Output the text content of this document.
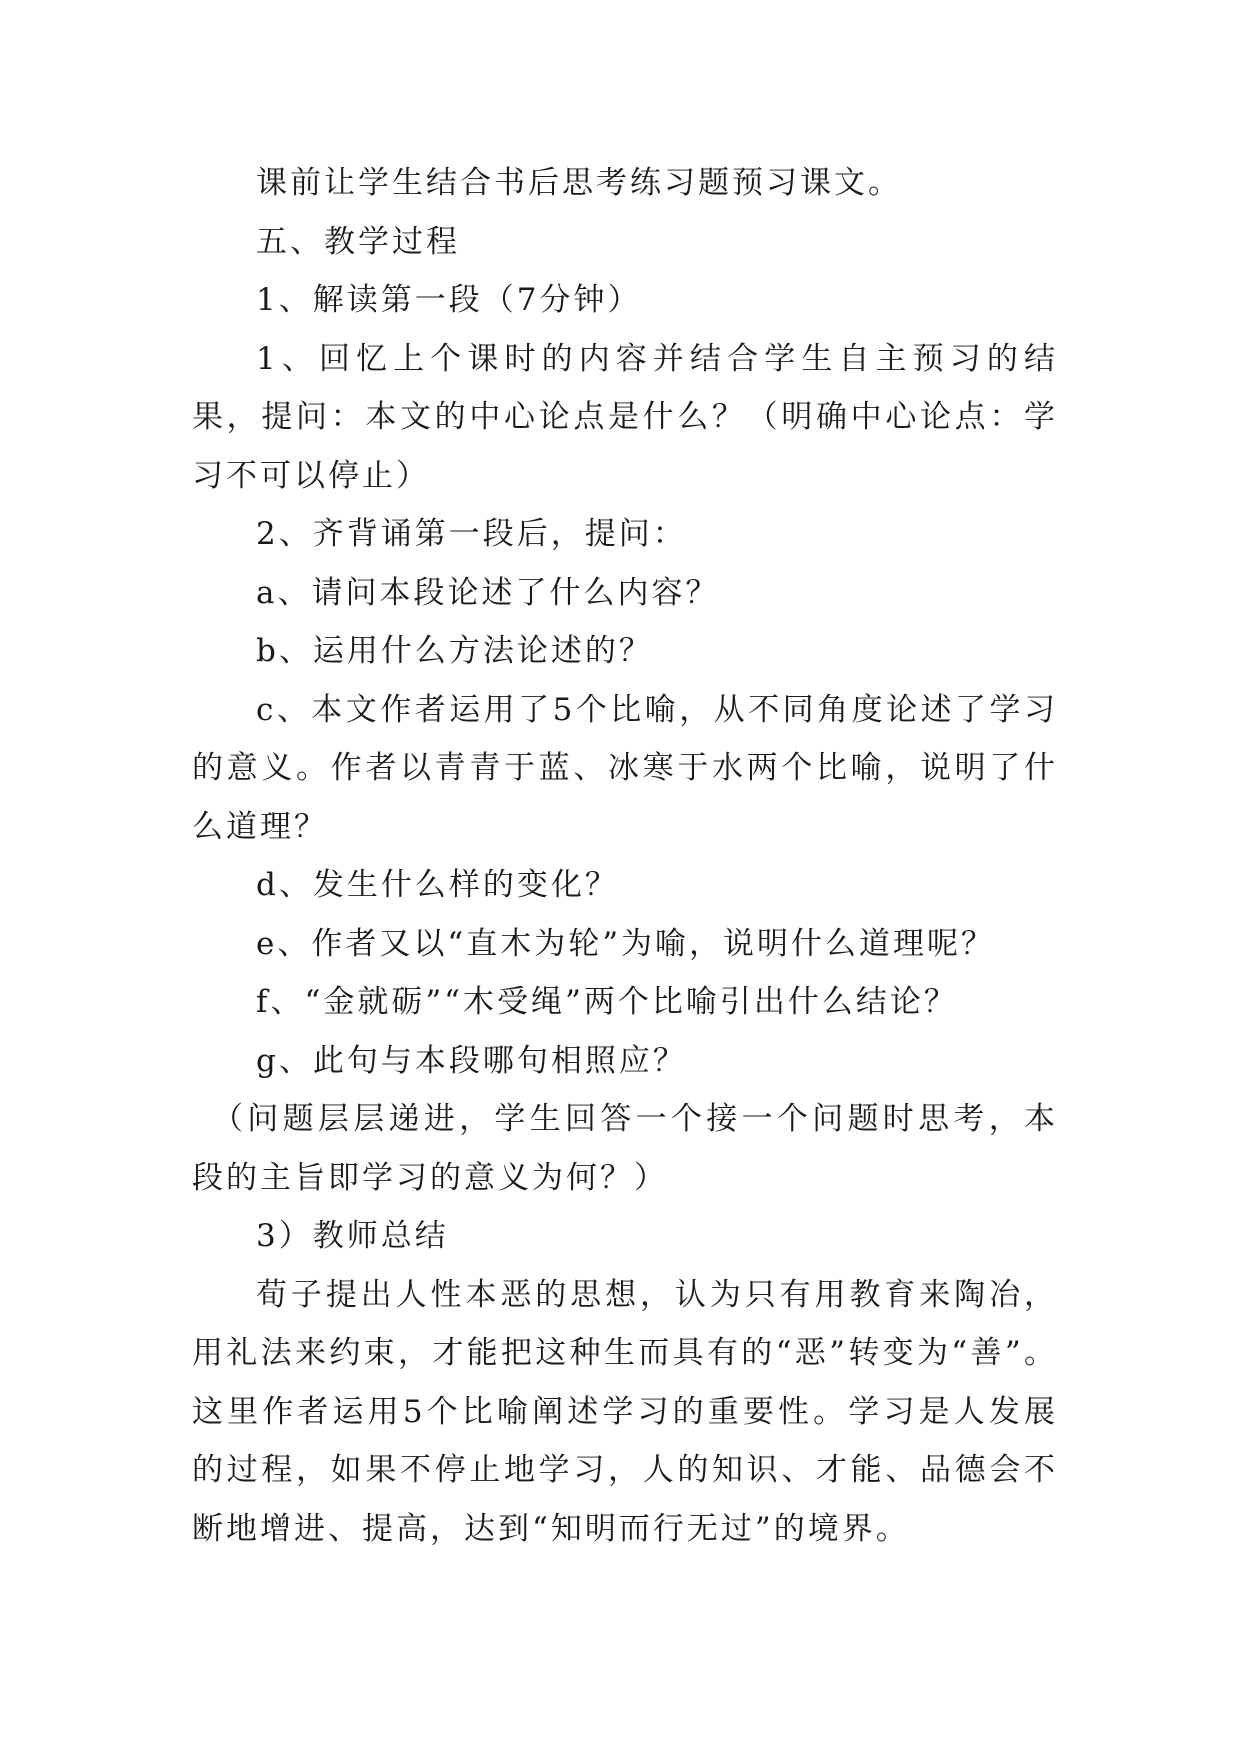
课前让学生结合书后思考练习题预习课文。

五、教学过程

1、解读第一段（7分钟）

1、回忆上个课时的内容并结合学生自主预习的结果，提问：本文的中心论点是什么？（明确中心论点：学习不可以停止）

2、齐背诵第一段后，提问：

a、请问本段论述了什么内容？

b、运用什么方法论述的？

c、本文作者运用了5个比喻，从不同角度论述了学习的意义。作者以青青于蓝、冰寒于水两个比喻，说明了什么道理？

d、发生什么样的变化？

e、作者又以“直木为轮”为喻，说明什么道理呢？

f、“金就砺”“木受绳”两个比喻引出什么结论？

g、此句与本段哪句相照应？

（问题层层递进，学生回答一个接一个问题时思考，本段的主旨即学习的意义为何？）

3）教师总结

荀子提出人性本恶的思想，认为只有用教育来陶冶，用礼法来约束，才能把这种生而具有的“恶”转变为“善”。这里作者运用5个比喻阐述学习的重要性。学习是人发展的过程，如果不停止地学习，人的知识、才能、品德会不断地增进、提高，达到“知明而行无过”的境界。
